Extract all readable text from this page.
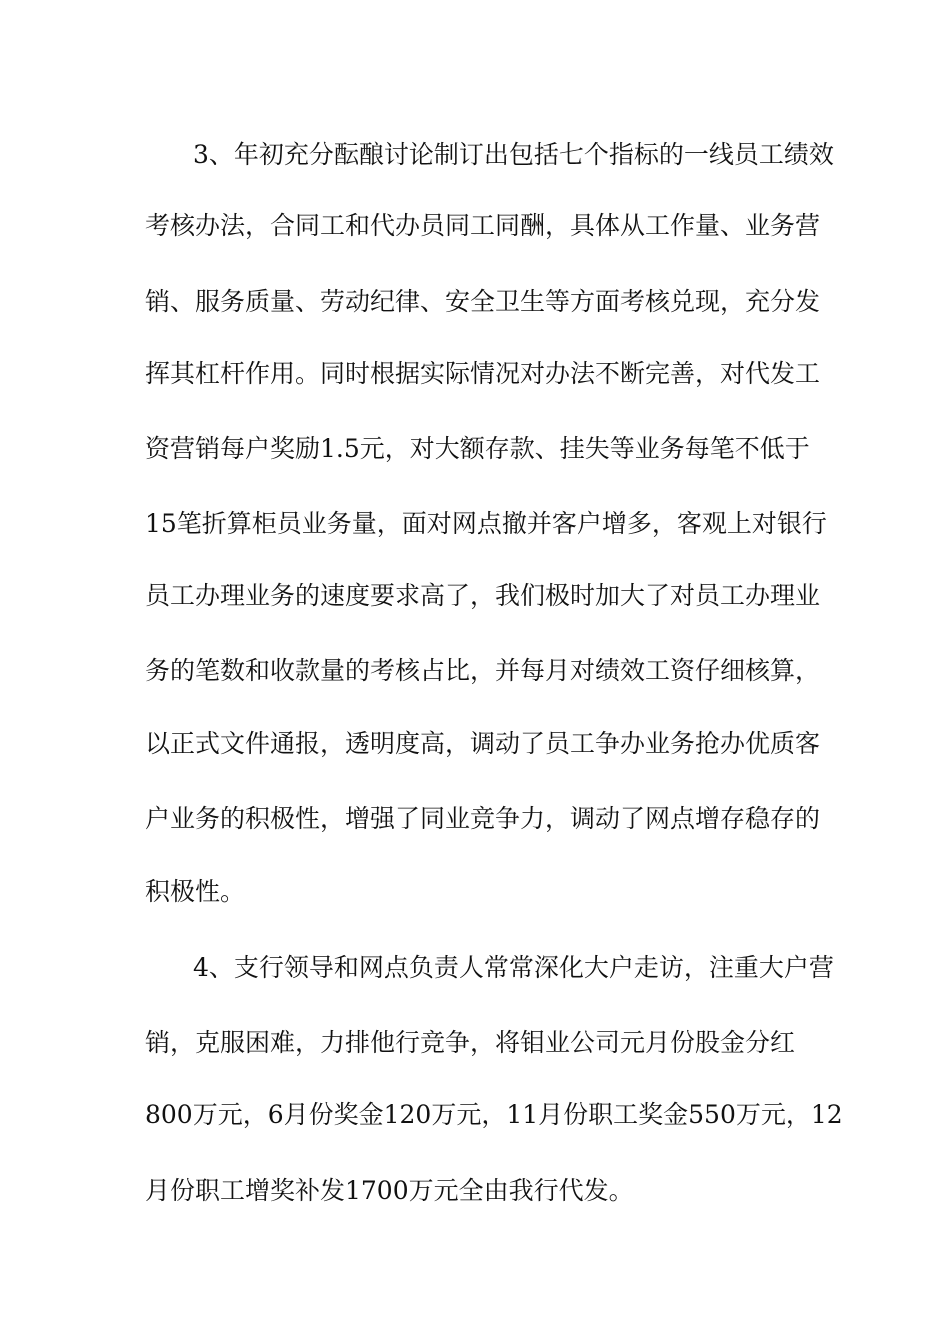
3、年初充分酝酿讨论制订出包括七个指标的一线员工绩效
考核办法，合同工和代办员同工同酬，具体从工作量、业务营
销、服务质量、劳动纪律、安全卫生等方面考核兑现，充分发
挥其杠杆作用。同时根据实际情况对办法不断完善，对代发工
资营销每户奖励1.5元，对大额存款、挂失等业务每笔不低于
15笔折算柜员业务量，面对网点撤并客户增多，客观上对银行
员工办理业务的速度要求高了，我们极时加大了对员工办理业
务的笔数和收款量的考核占比，并每月对绩效工资仔细核算，
以正式文件通报，透明度高，调动了员工争办业务抢办优质客
户业务的积极性，增强了同业竞争力，调动了网点增存稳存的
积极性。
4、支行领导和网点负责人常常深化大户走访，注重大户营
销，克服困难，力排他行竞争，将钼业公司元月份股金分红
800万元，6月份奖金120万元，11月份职工奖金550万元，12
月份职工增奖补发1700万元全由我行代发。
